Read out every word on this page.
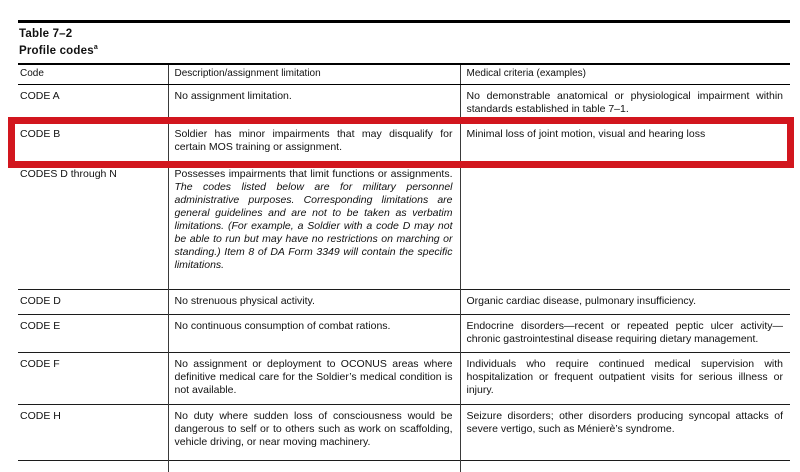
Table 7–2
Profile codes$^a$
Code	Description/assignment limitation	Medical criteria (examples)
CODE A	No assignment limitation.	No demonstrable anatomical or physiological impairment within standards established in table 7–1.
CODE B	Soldier has minor impairments that may disqualify for certain MOS training or assignment.	Minimal loss of joint motion, visual and hearing loss
CODES D through N	Possesses impairments that limit functions or assignments. The codes listed below are for military personnel administrative purposes. Corresponding limitations are general guidelines and are not to be taken as verbatim limitations. (For example, a Soldier with a code D may not be able to run but may have no restrictions on marching or standing.) Item 8 of DA Form 3349 will contain the specific limitations.	
CODE D	No strenuous physical activity.	Organic cardiac disease, pulmonary insufficiency.
CODE E	No continuous consumption of combat rations.	Endocrine disorders—recent or repeated peptic ulcer activity—chronic gastrointestinal disease requiring dietary management.
CODE F	No assignment or deployment to OCONUS areas where definitive medical care for the Soldier’s medical condition is not available.	Individuals who require continued medical supervision with hospitalization or frequent outpatient visits for serious illness or injury.
CODE H	No duty where sudden loss of consciousness would be dangerous to self or to others such as work on scaffolding, vehicle driving, or near moving machinery.	Seizure disorders; other disorders producing syncopal attacks of severe vertigo, such as Ménierè’s syndrome.
